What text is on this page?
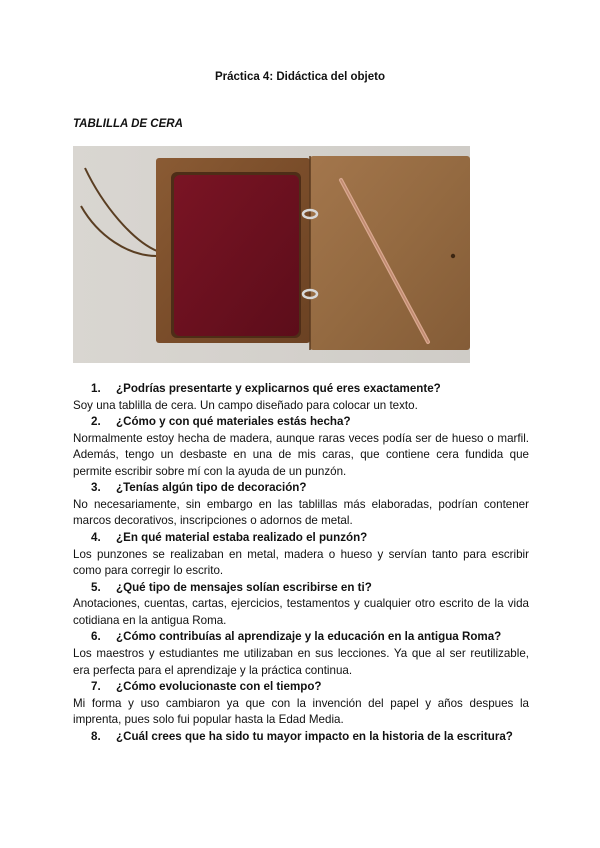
Práctica 4: Didáctica del objeto
TABLILLA DE CERA
1. ¿Podrías presentarte y explicarnos qué eres exactamente?
Soy una tablilla de cera. Un campo diseñado para colocar un texto.
2. ¿Cómo y con qué materiales estás hecha?
Normalmente estoy hecha de madera, aunque raras veces podía ser de hueso o marfil. Además, tengo un desbaste en una de mis caras, que contiene cera fundida que permite escribir sobre mí con la ayuda de un punzón.
3. ¿Tenías algún tipo de decoración?
No necesariamente, sin embargo en las tablillas más elaboradas, podrían contener marcos decorativos, inscripciones o adornos de metal.
4. ¿En qué material estaba realizado el punzón?
Los punzones se realizaban en metal, madera o hueso y servían tanto para escribir como para corregir lo escrito.
5. ¿Qué tipo de mensajes solían escribirse en ti?
Anotaciones, cuentas, cartas, ejercicios, testamentos y cualquier otro escrito de la vida cotidiana en la antigua Roma.
6. ¿Cómo contribuías al aprendizaje y la educación en la antigua Roma?
Los maestros y estudiantes me utilizaban en sus lecciones. Ya que al ser reutilizable, era perfecta para el aprendizaje y la práctica continua.
7. ¿Cómo evolucionaste con el tiempo?
Mi forma y uso cambiaron ya que con la invención del papel y años despues la imprenta, pues solo fui popular hasta la Edad Media.
8. ¿Cuál crees que ha sido tu mayor impacto en la historia de la escritura?
